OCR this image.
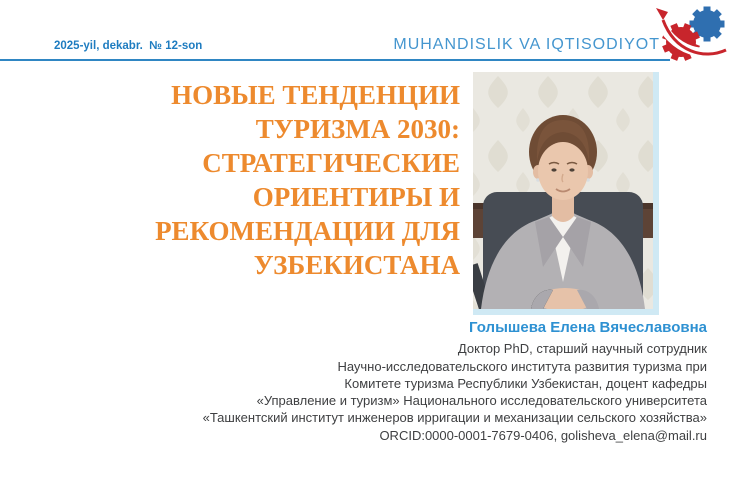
2025-yil, dekabr.  № 12-son	MUHANDISLIK VA IQTISODIYOT
НОВЫЕ ТЕНДЕНЦИИ
ТУРИЗМА 2030:
СТРАТЕГИЧЕСКИЕ
ОРИЕНТИРЫ И
РЕКОМЕНДАЦИИ ДЛЯ
УЗБЕКИСТАНА
Голышева Елена Вячеславовна
Доктор PhD, старший научный сотрудник
Научно-исследовательского института развития туризма при
Комитете туризма Республики Узбекистан, доцент кафедры
«Управление и туризм» Национального исследовательского университета
«Ташкентский институт инженеров ирригации и механизации сельского хозяйства»
ORCID:0000-0001-7679-0406, golisheva_elena@mail.ru
